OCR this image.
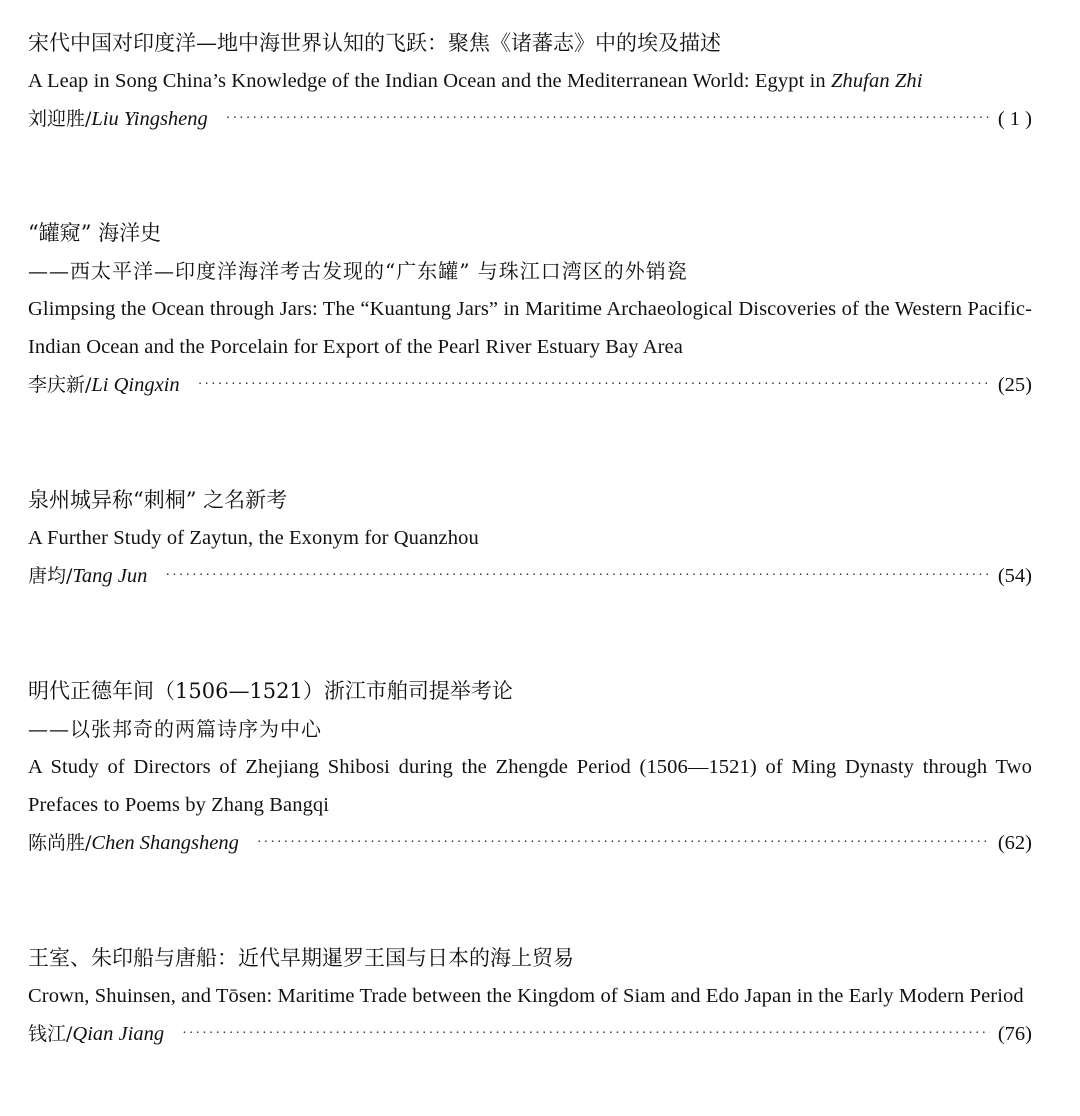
宋代中国对印度洋—地中海世界认知的飞跃：聚焦《诸蕃志》中的埃及描述
A Leap in Song China’s Knowledge of the Indian Ocean and the Mediterranean World: Egypt in Zhufan Zhi
刘迎胜/ Liu Yingsheng ·····	( 1 )
“罐窥” 海洋史
——西太平洋—印度洋海洋考古发现的“广东罐” 与珠江口湾区的外销瓷
Glimpsing the Ocean through Jars: The “Kuantung Jars” in Maritime Archaeological Discoveries of the Western Pacific-Indian Ocean and the Porcelain for Export of the Pearl River Estuary Bay Area
李庆新/ Li Qingxin ·····	(25)
泉州城异称“刺桐” 之名新考
A Further Study of Zaytun, the Exonym for Quanzhou
唐均/ Tang Jun ·····	(54)
明代正德年间（1506—1521）浙江市舶司提举考论
——以张邦奇的两篇诗序为中心
A Study of Directors of Zhejiang Shibosi during the Zhengde Period (1506—1521) of Ming Dynasty through Two Prefaces to Poems by Zhang Bangqi
陈尚胜/ Chen Shangsheng ·····	(62)
王室、朱印船与唐船：近代早期暹罗王国与日本的海上贸易
Crown, Shuinsen, and Tōsen: Maritime Trade between the Kingdom of Siam and Edo Japan in the Early Modern Period
钱江/ Qian Jiang ·····	(76)
